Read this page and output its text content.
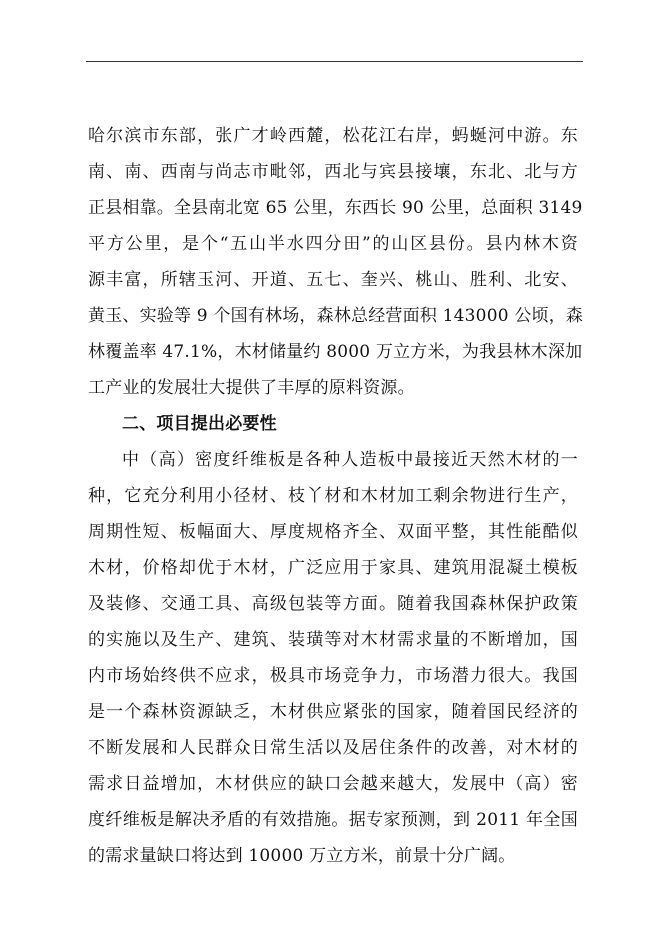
哈尔滨市东部，张广才岭西麓，松花江右岸，蚂蜒河中游。东
南、南、西南与尚志市毗邻，西北与宾县接壤，东北、北与方
正县相靠。全县南北宽 65 公里，东西长 90 公里，总面积 3149
平方公里，是个“五山半水四分田”的山区县份。县内林木资
源丰富，所辖玉河、开道、五七、奎兴、桃山、胜利、北安、
黄玉、实验等 9 个国有林场，森林总经营面积 143000 公顷，森
林覆盖率 47.1%，木材储量约 8000 万立方米，为我县林木深加
工产业的发展壮大提供了丰厚的原料资源。
二、项目提出必要性
中（高）密度纤维板是各种人造板中最接近天然木材的一
种，它充分利用小径材、枝丫材和木材加工剩余物进行生产，
周期性短、板幅面大、厚度规格齐全、双面平整，其性能酷似
木材，价格却优于木材，广泛应用于家具、建筑用混凝土模板
及装修、交通工具、高级包装等方面。随着我国森林保护政策
的实施以及生产、建筑、装璜等对木材需求量的不断增加，国
内市场始终供不应求，极具市场竞争力，市场潜力很大。我国
是一个森林资源缺乏，木材供应紧张的国家，随着国民经济的
不断发展和人民群众日常生活以及居住条件的改善，对木材的
需求日益增加，木材供应的缺口会越来越大，发展中（高）密
度纤维板是解决矛盾的有效措施。据专家预测，到 2011 年全国
的需求量缺口将达到 10000 万立方米，前景十分广阔。
